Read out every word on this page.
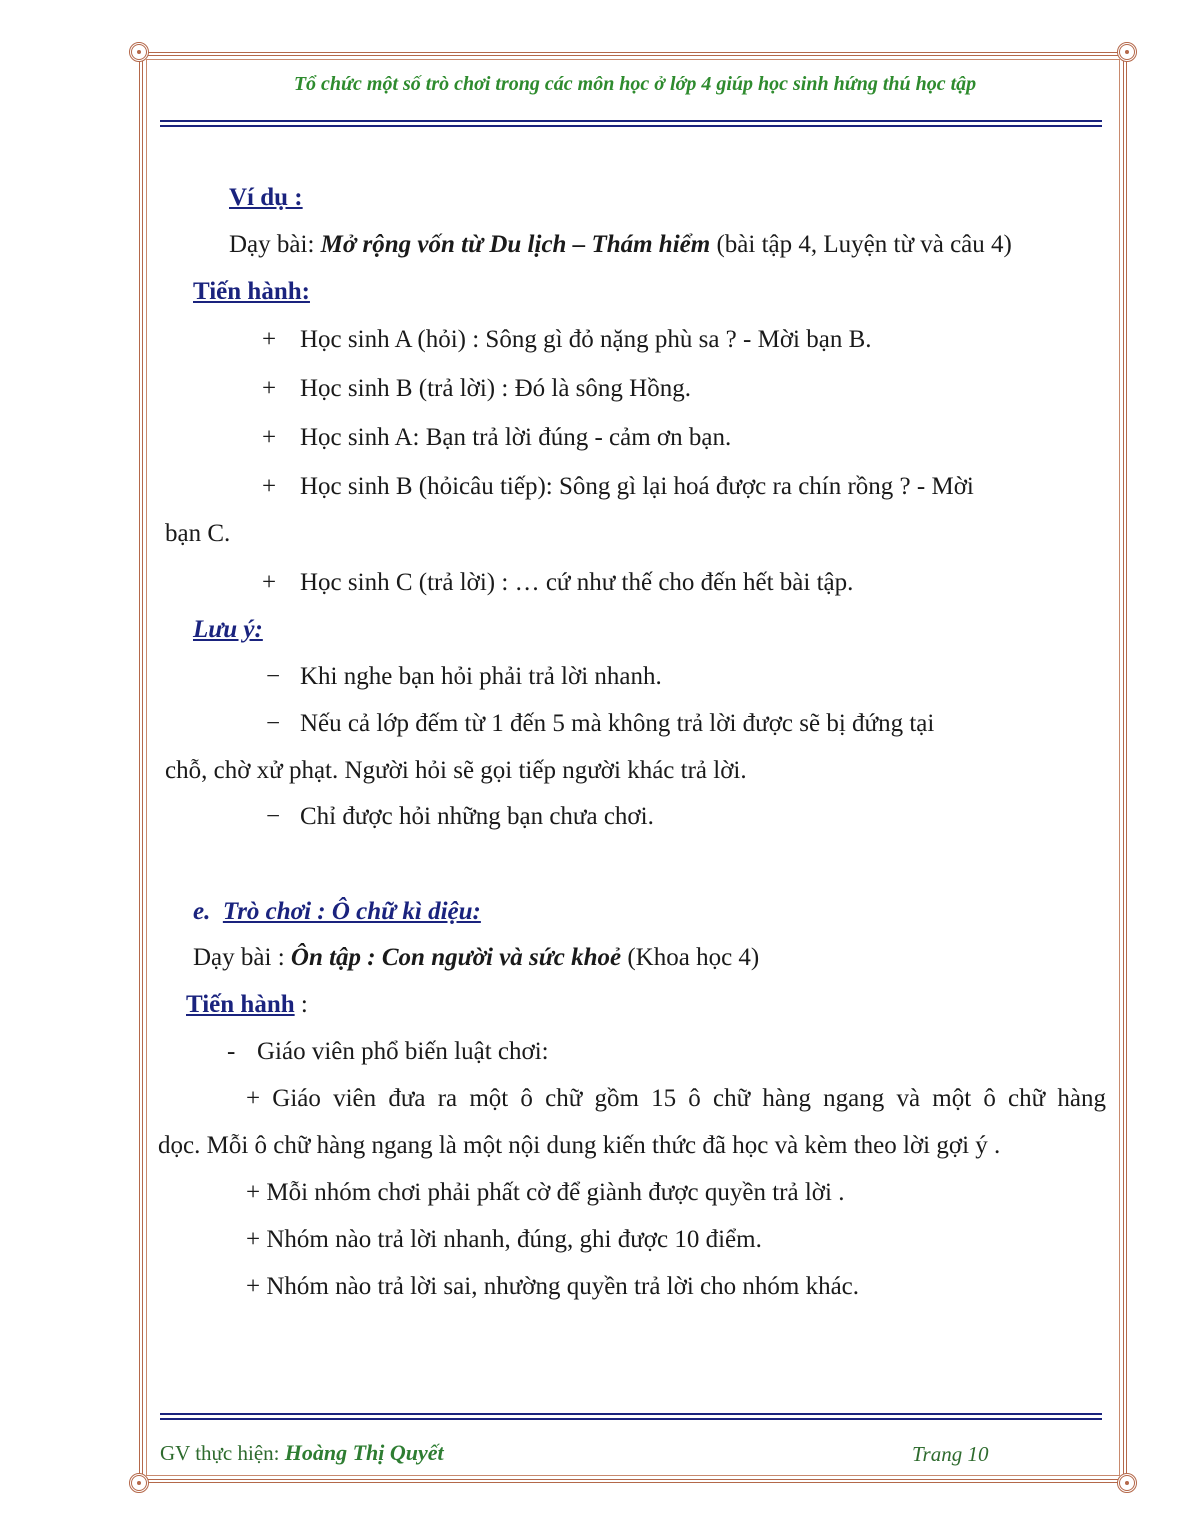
Tổ chức một số trò chơi trong các môn học ở lớp 4 giúp học sinh hứng thú học tập
Ví dụ :
Dạy bài: Mở rộng vốn từ Du lịch – Thám hiểm (bài tập 4, Luyện từ và câu 4)
Tiến hành:
+ Học sinh A (hỏi) : Sông gì đỏ nặng phù sa ? - Mời bạn B.
+ Học sinh B (trả lời) : Đó là sông Hồng.
+ Học sinh A: Bạn trả lời đúng - cảm ơn bạn.
+ Học sinh B (hỏicâu tiếp): Sông gì lại hoá được ra chín rồng ? - Mời
bạn C.
+ Học sinh C (trả lời) : … cứ như thế cho đến hết bài tập.
Lưu ý:
− Khi nghe bạn hỏi phải trả lời nhanh.
− Nếu cả lớp đếm từ 1 đến 5 mà không trả lời được sẽ bị đứng tại
chỗ, chờ xử phạt. Người hỏi sẽ gọi tiếp người khác trả lời.
− Chỉ được hỏi những bạn chưa chơi.
e. Trò chơi : Ô chữ kì diệu:
Dạy bài : Ôn tập : Con người và sức khoẻ (Khoa học 4)
Tiến hành :
- Giáo viên phổ biến luật chơi:
+ Giáo viên đưa ra một ô chữ gồm 15 ô chữ hàng ngang và một ô chữ hàng
dọc. Mỗi ô chữ hàng ngang là một nội dung kiến thức đã học và kèm theo lời gợi ý .
+ Mỗi nhóm chơi phải phất cờ để giành được quyền trả lời .
+ Nhóm nào trả lời nhanh, đúng, ghi được 10 điểm.
+ Nhóm nào trả lời sai, nhường quyền trả lời cho nhóm khác.
GV thực hiện: Hoàng Thị Quyết	Trang 10
